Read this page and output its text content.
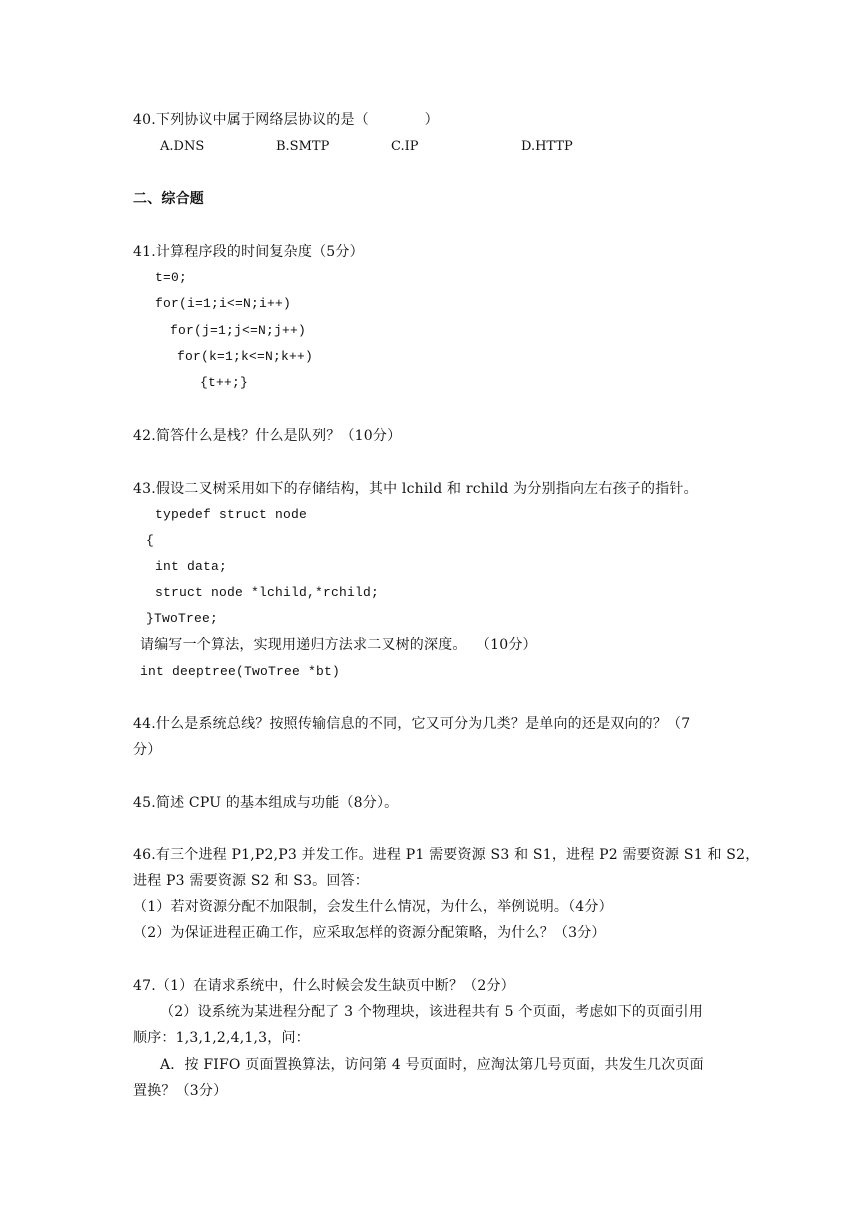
40.下列协议中属于网络层协议的是（            ）
A.DNS	B.SMTP	C.IP	D.HTTP
二、综合题
41.计算程序段的时间复杂度（5分）
t=0;
for(i=1;i<=N;i++)
for(j=1;j<=N;j++)
for(k=1;k<=N;k++)
{t++;}
42.简答什么是栈？什么是队列？（10分）
43.假设二叉树采用如下的存储结构，其中 lchild 和 rchild 为分别指向左右孩子的指针。
typedef struct node
{
int data;
struct node *lchild,*rchild;
}TwoTree;
请编写一个算法，实现用递归方法求二叉树的深度。  （10分）
int deeptree(TwoTree *bt)
44.什么是系统总线？按照传输信息的不同，它又可分为几类？是单向的还是双向的？（7
分）
45.简述 CPU 的基本组成与功能（8分）。
46.有三个进程 P1,P2,P3 并发工作。进程 P1 需要资源 S3 和 S1，进程 P2 需要资源 S1 和 S2，
进程 P3 需要资源 S2 和 S3。回答：
（1）若对资源分配不加限制，会发生什么情况，为什么，举例说明。（4分）
（2）为保证进程正确工作，应采取怎样的资源分配策略，为什么？（3分）
47.（1）在请求系统中，什么时候会发生缺页中断？（2分）
（2）设系统为某进程分配了 3 个物理块，该进程共有 5 个页面，考虑如下的页面引用
顺序：1,3,1,2,4,1,3，问：
A．按 FIFO 页面置换算法，访问第 4 号页面时，应淘汰第几号页面，共发生几次页面
置换？（3分）
